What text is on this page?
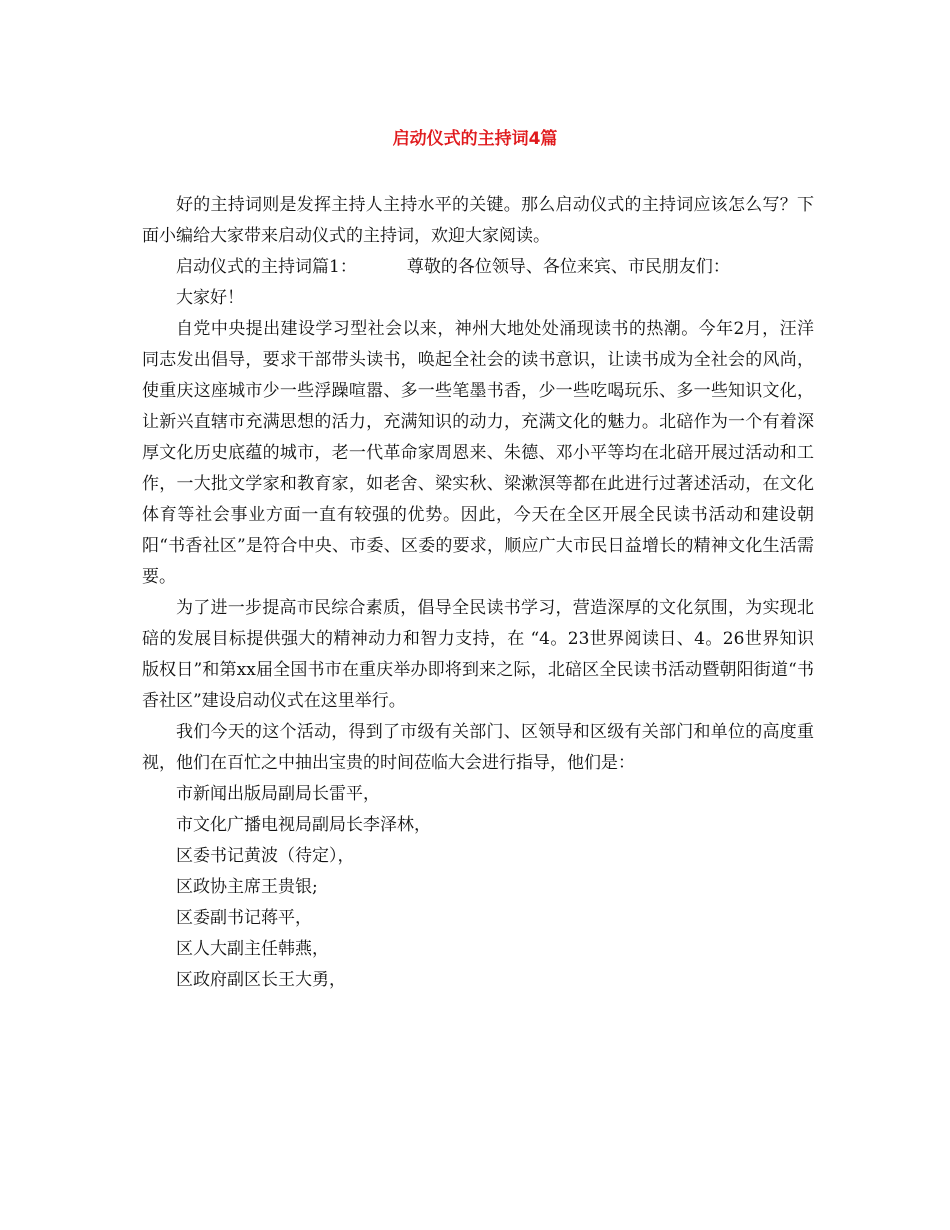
启动仪式的主持词4篇

好的主持词则是发挥主持人主持水平的关键。那么启动仪式的主持词应该怎么写？下面小编给大家带来启动仪式的主持词，欢迎大家阅读。

启动仪式的主持词篇1：	尊敬的各位领导、各位来宾、市民朋友们：

大家好！

自党中央提出建设学习型社会以来，神州大地处处涌现读书的热潮。今年2月，汪洋同志发出倡导，要求干部带头读书，唤起全社会的读书意识，让读书成为全社会的风尚，使重庆这座城市少一些浮躁喧嚣、多一些笔墨书香，少一些吃喝玩乐、多一些知识文化，让新兴直辖市充满思想的活力，充满知识的动力，充满文化的魅力。北碚作为一个有着深厚文化历史底蕴的城市，老一代革命家周恩来、朱德、邓小平等均在北碚开展过活动和工作，一大批文学家和教育家，如老舍、梁实秋、梁漱溟等都在此进行过著述活动，在文化体育等社会事业方面一直有较强的优势。因此，今天在全区开展全民读书活动和建设朝阳“书香社区”是符合中央、市委、区委的要求，顺应广大市民日益增长的精神文化生活需要。

为了进一步提高市民综合素质，倡导全民读书学习，营造深厚的文化氛围，为实现北碚的发展目标提供强大的精神动力和智力支持，在 “4。23世界阅读日、4。26世界知识版权日”和第xx届全国书市在重庆举办即将到来之际，北碚区全民读书活动暨朝阳街道“书香社区”建设启动仪式在这里举行。

我们今天的这个活动，得到了市级有关部门、区领导和区级有关部门和单位的高度重视，他们在百忙之中抽出宝贵的时间莅临大会进行指导，他们是：

市新闻出版局副局长雷平，

市文化广播电视局副局长李泽林，

区委书记黄波（待定），

区政协主席王贵银;

区委副书记蒋平，

区人大副主任韩燕，

区政府副区长王大勇，
